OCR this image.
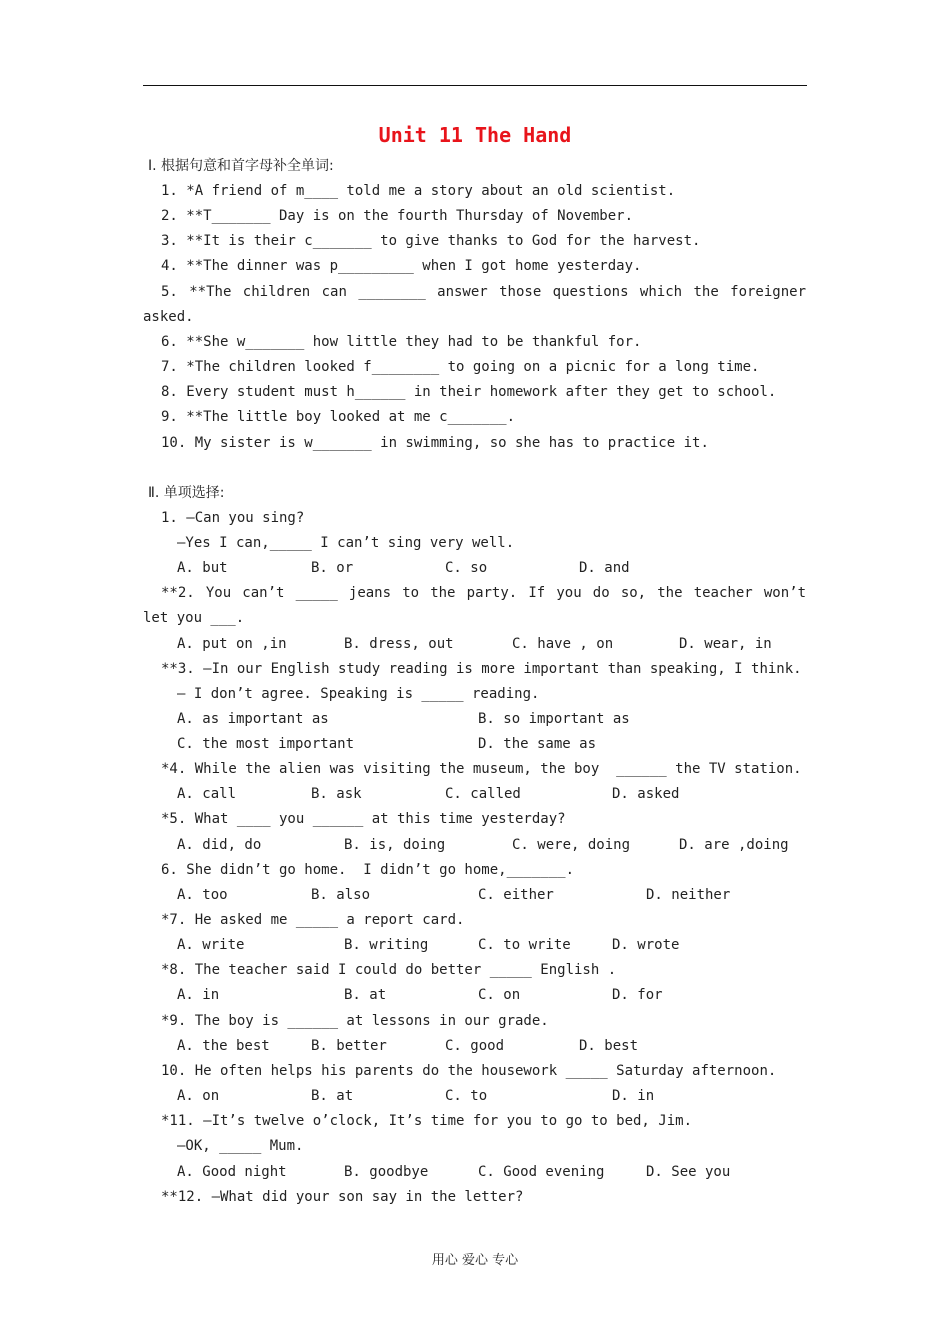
Unit 11 The Hand
Ⅰ. 根据句意和首字母补全单词:
1. *A friend of m____ told me a story about an old scientist.
2. **T_______ Day is on the fourth Thursday of November.
3. **It is their c_______ to give thanks to God for the harvest.
4. **The dinner was p_________ when I got home yesterday.
5. **The children can ________ answer those questions which the foreigner
asked.
6. **She w_______ how little they had to be thankful for.
7. *The children looked f________ to going on a picnic for a long time.
8. Every student must h______ in their homework after they get to school.
9. **The little boy looked at me c_______.
10. My sister is w_______ in swimming, so she has to practice it.
Ⅱ. 单项选择:
1. —Can you sing?
—Yes I can,_____ I can’t sing very well.
A. but	B. or	C. so	D. and
**2. You can’t _____ jeans to the party. If you do so, the teacher won’t
let you ___.
A. put on ,in	B. dress, out	C. have , on	D. wear, in
**3. —In our English study reading is more important than speaking, I think.
— I don’t agree. Speaking is _____ reading.
A. as important as	B. so important as
C. the most important	D. the same as
*4. While the alien was visiting the museum, the boy  ______ the TV station.
A. call	B. ask	C. called	D. asked
*5. What ____ you ______ at this time yesterday?
A. did, do	B. is, doing	C. were, doing	D. are ,doing
6. She didn’t go home.  I didn’t go home,_______.
A. too	B. also	C. either	D. neither
*7. He asked me _____ a report card.
A. write	B. writing	C. to write	D. wrote
*8. The teacher said I could do better _____ English .
A. in	B. at	C. on	D. for
*9. The boy is ______ at lessons in our grade.
A. the best	B. better	C. good	D. best
10. He often helps his parents do the housework _____ Saturday afternoon.
A. on	B. at	C. to	D. in
*11. —It’s twelve o’clock, It’s time for you to go to bed, Jim.
—OK, _____ Mum.
A. Good night	B. goodbye	C. Good evening	D. See you
**12. —What did your son say in the letter?
用心 爱心 专心
